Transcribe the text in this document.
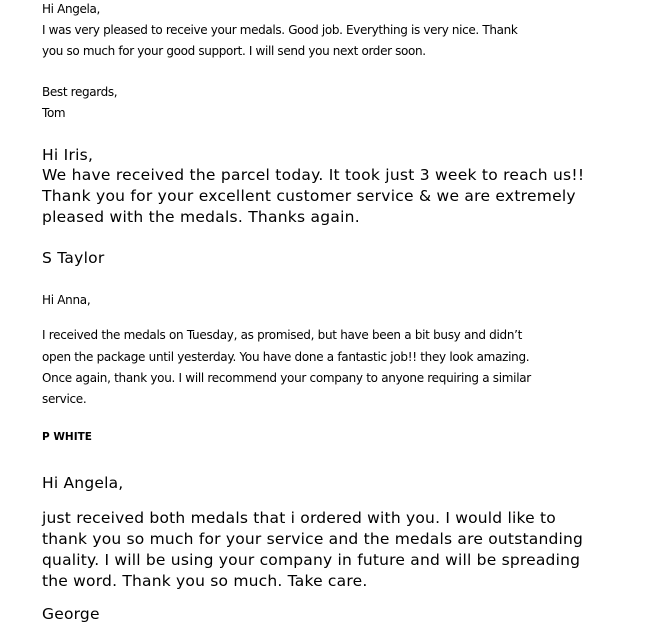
Hi Angela,

I was very pleased to receive your medals. Good job. Everything is very nice. Thank

you so much for your good support. I will send you next order soon.

Best regards,

Tom

Hi Iris,

We have received the parcel today. It took just 3 week to reach us!!

Thank you for your excellent customer service & we are extremely

pleased with the medals. Thanks again.

S Taylor

Hi Anna,

I received the medals on Tuesday, as promised, but have been a bit busy and didn’t

open the package until yesterday. You have done a fantastic job!! they look amazing.

Once again, thank you. I will recommend your company to anyone requiring a similar

service.

P WHITE

Hi Angela,

just received both medals that i ordered with you. I would like to

thank you so much for your service and the medals are outstanding

quality. I will be using your company in future and will be spreading

the word. Thank you so much. Take care.

George
